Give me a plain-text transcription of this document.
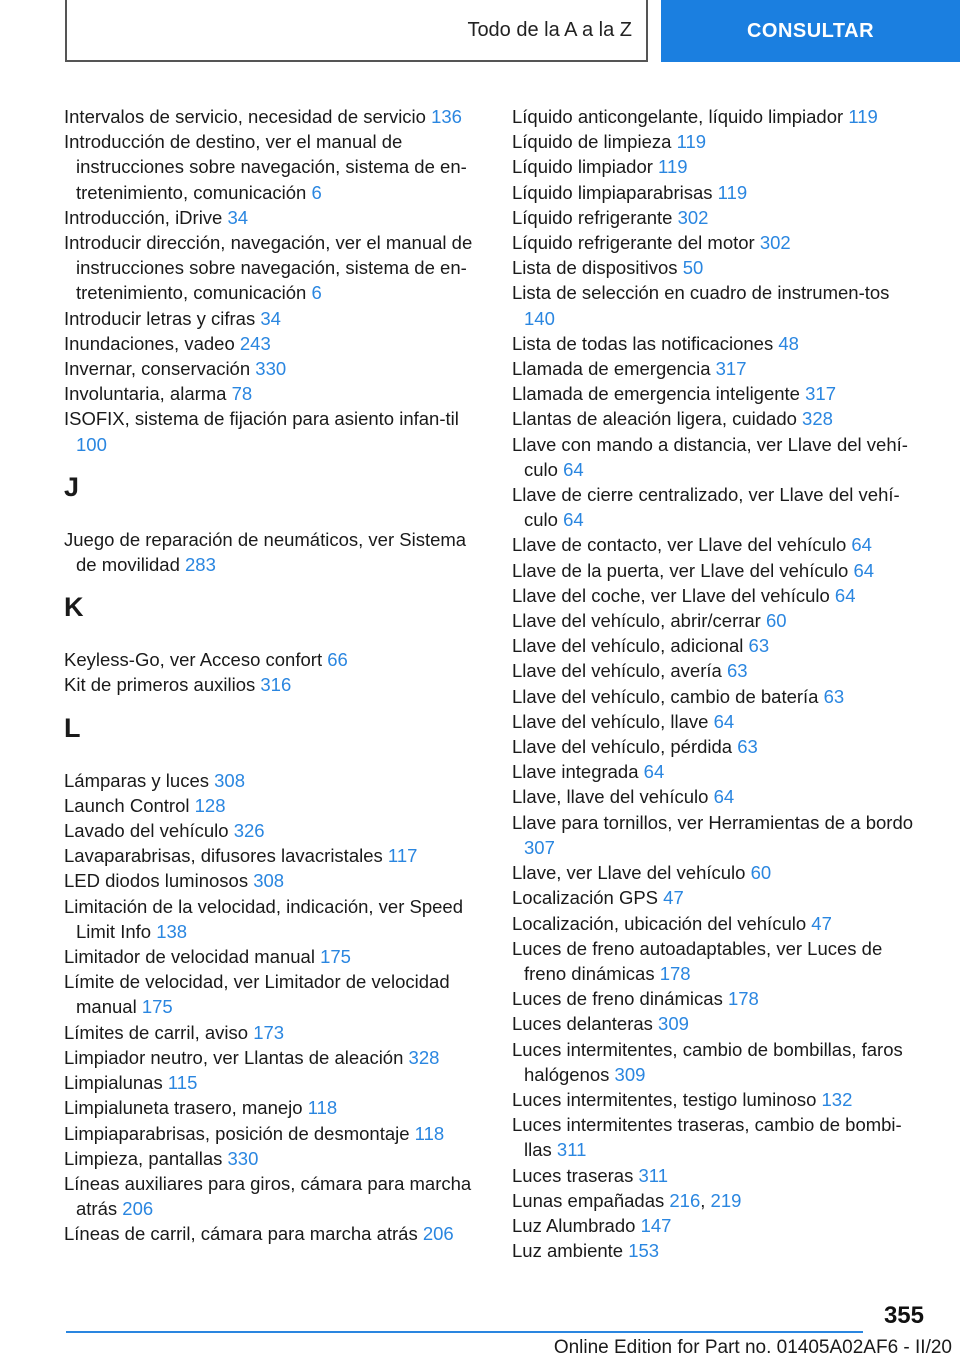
Todo de la A a la Z	CONSULTAR
Intervalos de servicio, necesidad de servicio 136
Introducción de destino, ver el manual de instrucciones sobre navegación, sistema de en-tretenimiento, comunicación 6
Introducción, iDrive 34
Introducir dirección, navegación, ver el manual de instrucciones sobre navegación, sistema de en-tretenimiento, comunicación 6
Introducir letras y cifras 34
Inundaciones, vadeo 243
Invernar, conservación 330
Involuntaria, alarma 78
ISOFIX, sistema de fijación para asiento infan-til 100
J
Juego de reparación de neumáticos, ver Sistema de movilidad 283
K
Keyless-Go, ver Acceso confort 66
Kit de primeros auxilios 316
L
Lámparas y luces 308
Launch Control 128
Lavado del vehículo 326
Lavaparabrisas, difusores lavacristales 117
LED diodos luminosos 308
Limitación de la velocidad, indicación, ver Speed Limit Info 138
Limitador de velocidad manual 175
Límite de velocidad, ver Limitador de velocidad manual 175
Límites de carril, aviso 173
Limpiador neutro, ver Llantas de aleación 328
Limpialunas 115
Limpialuneta trasero, manejo 118
Limpiaparabrisas, posición de desmontaje 118
Limpieza, pantallas 330
Líneas auxiliares para giros, cámara para marcha atrás 206
Líneas de carril, cámara para marcha atrás 206
Líquido anticongelante, líquido limpiador 119
Líquido de limpieza 119
Líquido limpiador 119
Líquido limpiaparabrisas 119
Líquido refrigerante 302
Líquido refrigerante del motor 302
Lista de dispositivos 50
Lista de selección en cuadro de instrumen-tos 140
Lista de todas las notificaciones 48
Llamada de emergencia 317
Llamada de emergencia inteligente 317
Llantas de aleación ligera, cuidado 328
Llave con mando a distancia, ver Llave del vehí-culo 64
Llave de cierre centralizado, ver Llave del vehí-culo 64
Llave de contacto, ver Llave del vehículo 64
Llave de la puerta, ver Llave del vehículo 64
Llave del coche, ver Llave del vehículo 64
Llave del vehículo, abrir/cerrar 60
Llave del vehículo, adicional 63
Llave del vehículo, avería 63
Llave del vehículo, cambio de batería 63
Llave del vehículo, llave 64
Llave del vehículo, pérdida 63
Llave integrada 64
Llave, llave del vehículo 64
Llave para tornillos, ver Herramientas de a bordo 307
Llave, ver Llave del vehículo 60
Localización GPS 47
Localización, ubicación del vehículo 47
Luces de freno autoadaptables, ver Luces de freno dinámicas 178
Luces de freno dinámicas 178
Luces delanteras 309
Luces intermitentes, cambio de bombillas, faros halógenos 309
Luces intermitentes, testigo luminoso 132
Luces intermitentes traseras, cambio de bombi-llas 311
Luces traseras 311
Lunas empañadas 216, 219
Luz Alumbrado 147
Luz ambiente 153
355
Online Edition for Part no. 01405A02AF6 - II/20
